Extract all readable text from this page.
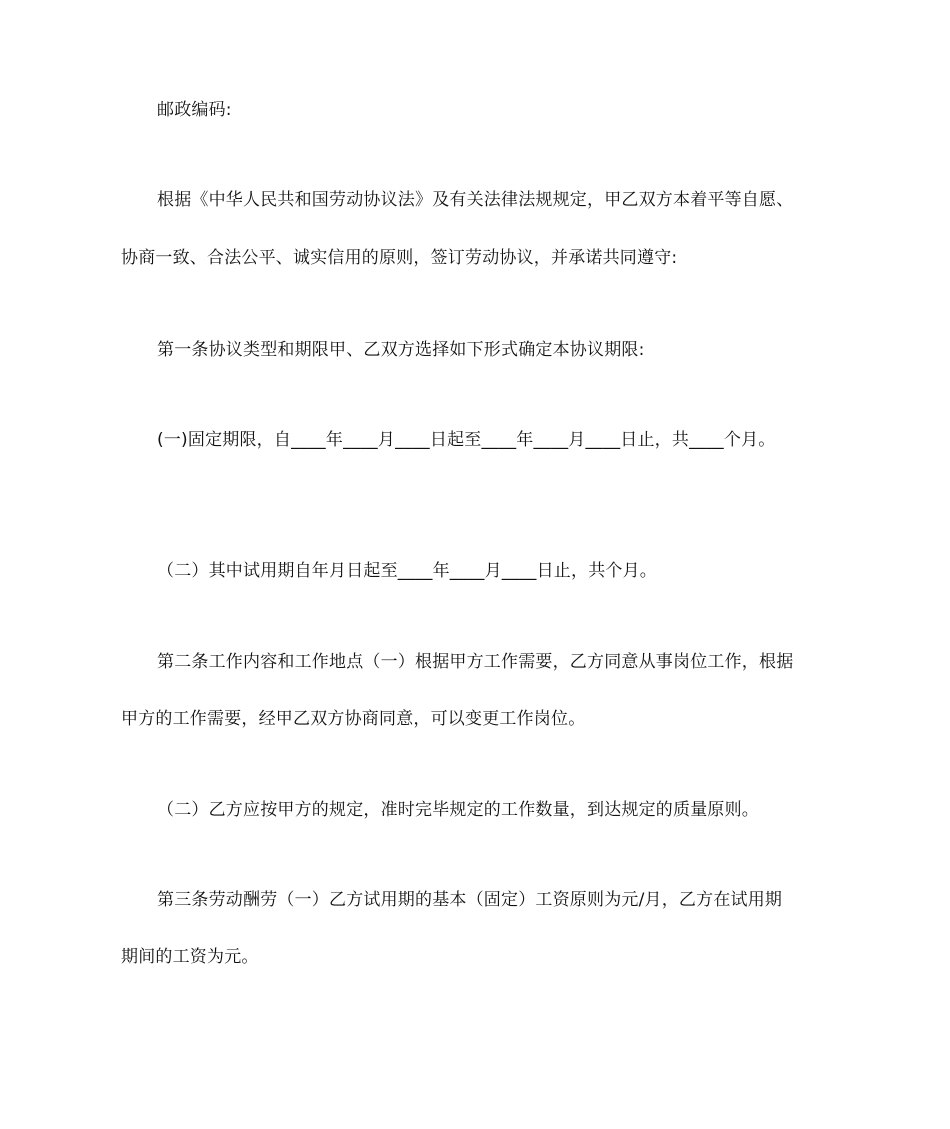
邮政编码:
根据《中华人民共和国劳动协议法》及有关法律法规规定，甲乙双方本着平等自愿、
协商一致、合法公平、诚实信用的原则，签订劳动协议，并承诺共同遵守:
第一条协议类型和期限甲、乙双方选择如下形式确定本协议期限:
(一)固定期限，自____年____月____日起至____年____月____日止，共____个月。
（二）其中试用期自年月日起至____年____月____日止，共个月。
第二条工作内容和工作地点（一）根据甲方工作需要，乙方同意从事岗位工作，根据
甲方的工作需要，经甲乙双方协商同意，可以变更工作岗位。
（二）乙方应按甲方的规定，准时完毕规定的工作数量，到达规定的质量原则。
第三条劳动酬劳（一）乙方试用期的基本（固定）工资原则为元/月，乙方在试用期
期间的工资为元。
